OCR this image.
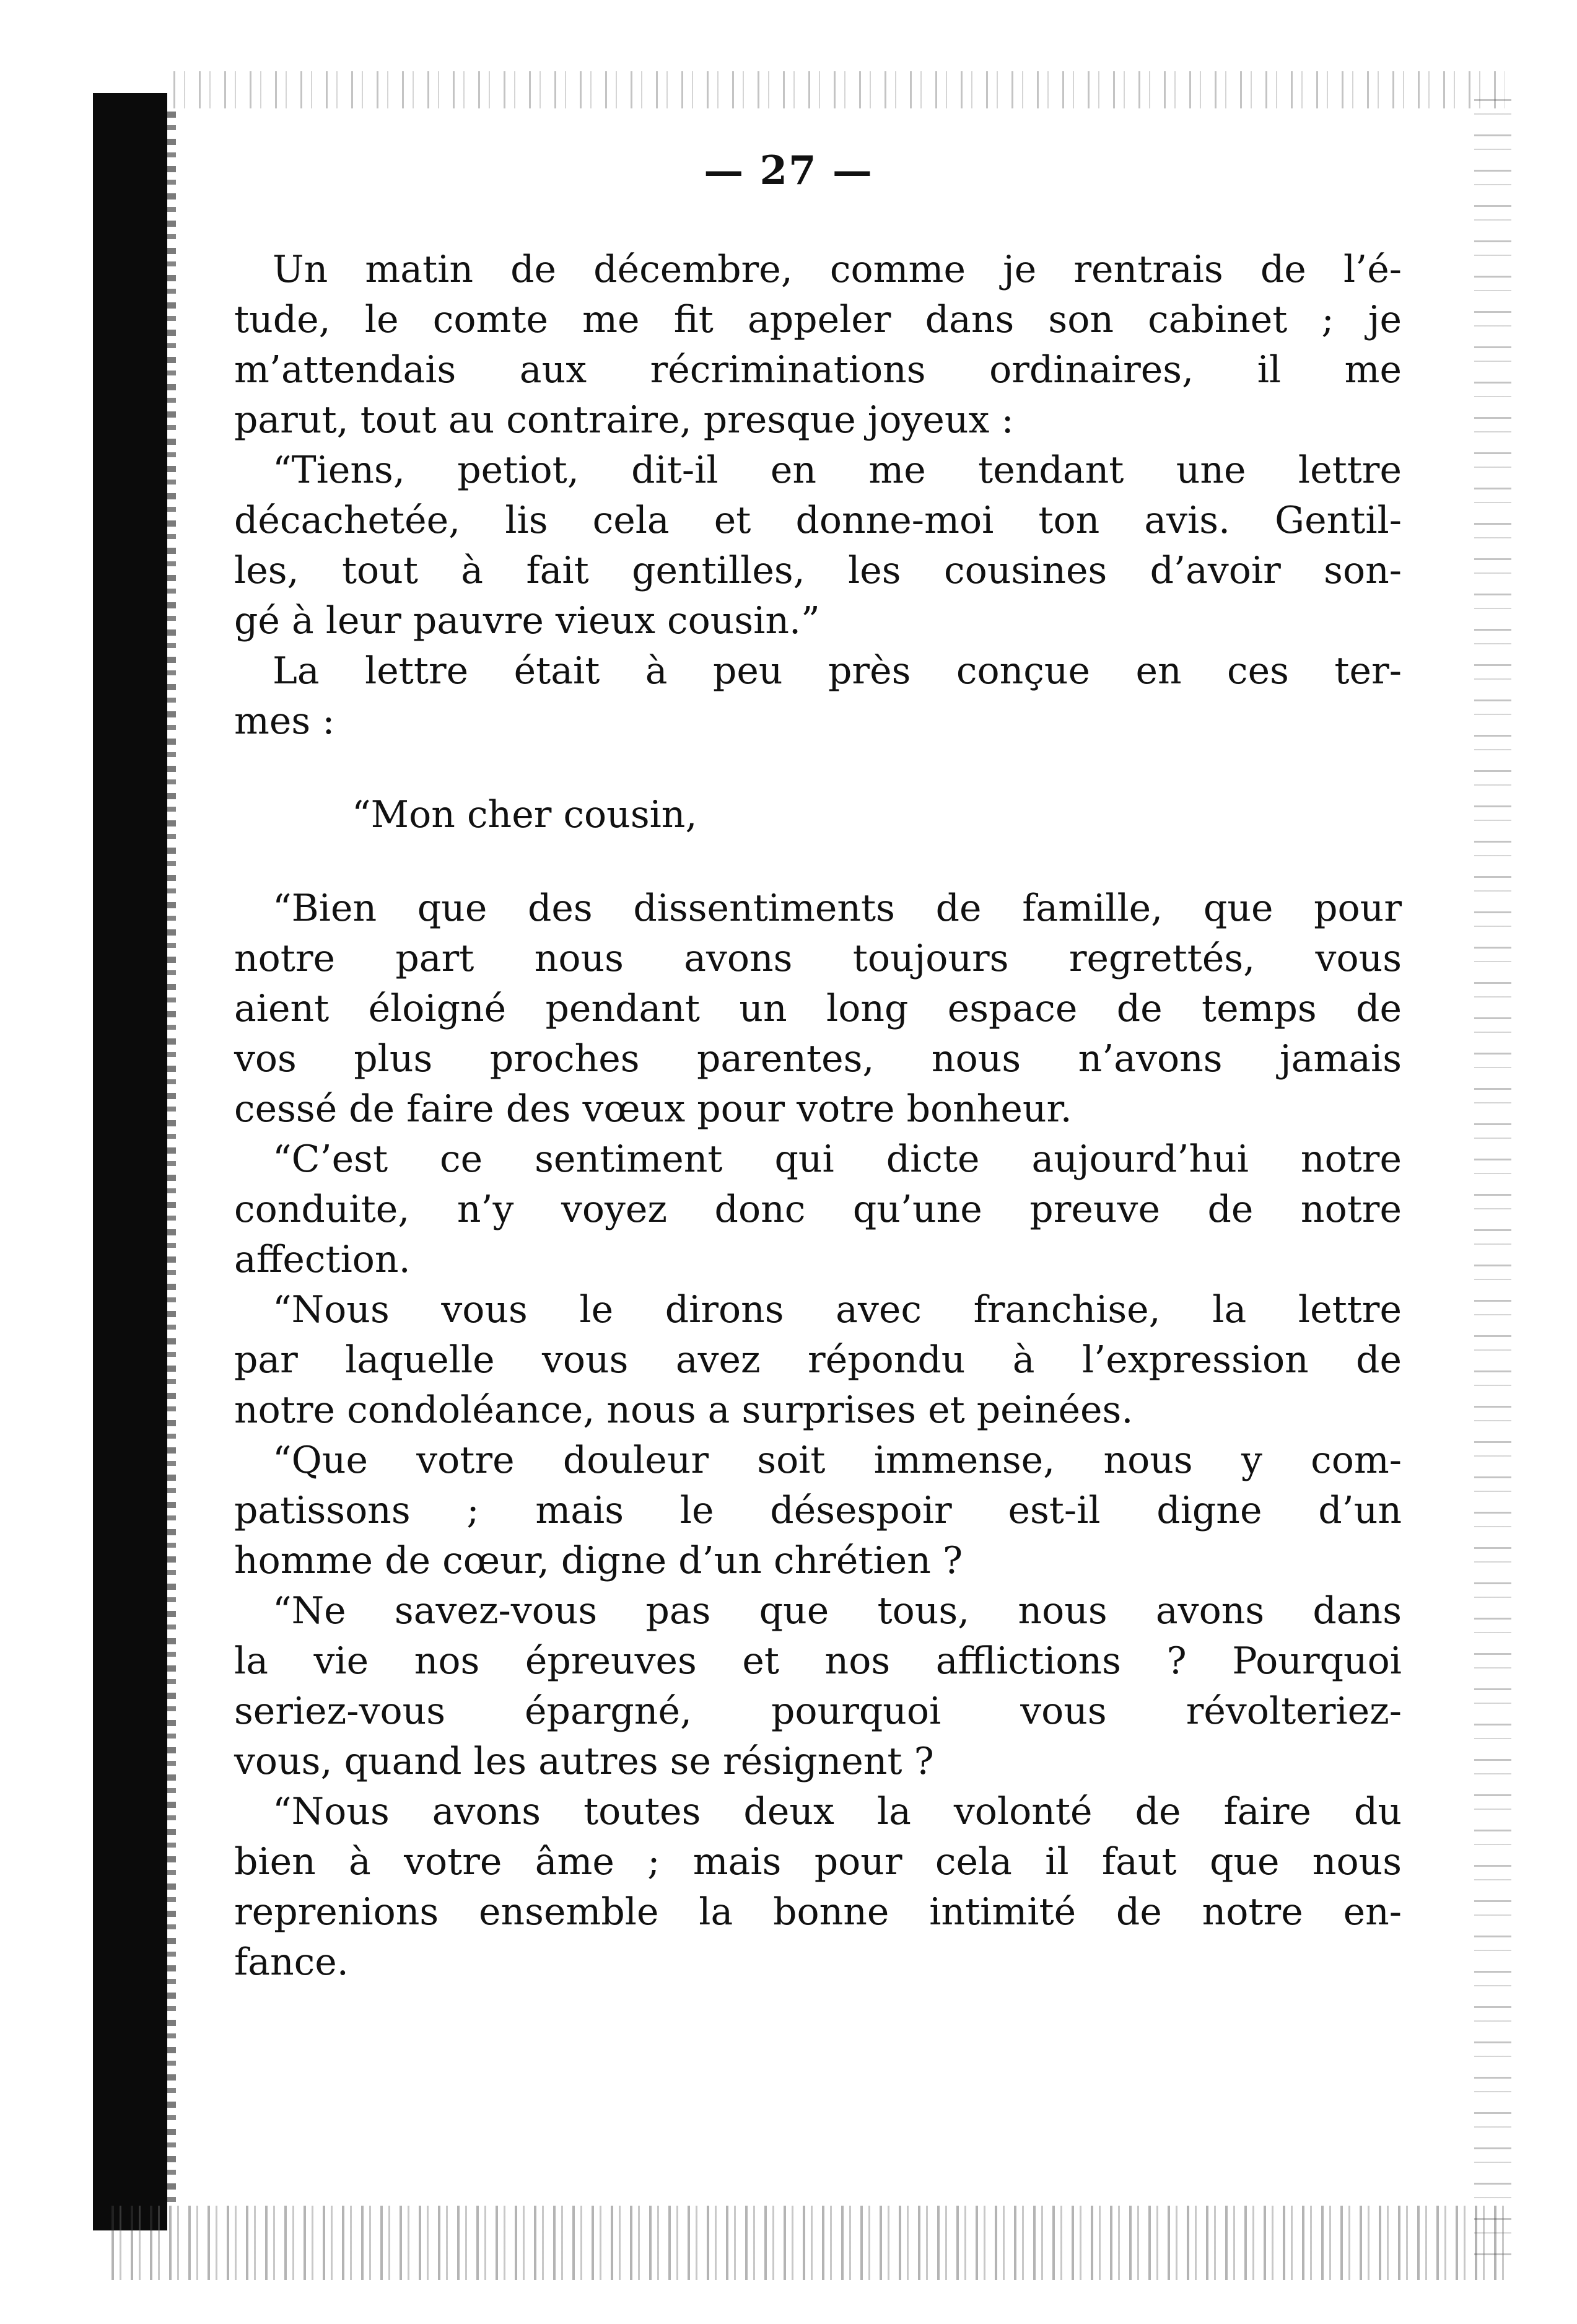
— 27 —
Un matin de décembre, comme je rentrais de l’é-
tude, le comte me fit appeler dans son cabinet ; je
m’attendais aux récriminations ordinaires, il me
parut, tout au contraire, presque joyeux :
“Tiens, petiot, dit-il en me tendant une lettre
décachetée, lis cela et donne-moi ton avis. Gentil-
les, tout à fait gentilles, les cousines d’avoir son-
gé à leur pauvre vieux cousin.”
La lettre était à peu près conçue en ces ter-
mes :
“Mon cher cousin,
“Bien que des dissentiments de famille, que pour
notre part nous avons toujours regrettés, vous
aient éloigné pendant un long espace de temps de
vos plus proches parentes, nous n’avons jamais
cessé de faire des vœux pour votre bonheur.
“C’est ce sentiment qui dicte aujourd’hui notre
conduite, n’y voyez donc qu’une preuve de notre
affection.
“Nous vous le dirons avec franchise, la lettre
par laquelle vous avez répondu à l’expression de
notre condoléance, nous a surprises et peinées.
“Que votre douleur soit immense, nous y com-
patissons ; mais le désespoir est-il digne d’un
homme de cœur, digne d’un chrétien ?
“Ne savez-vous pas que tous, nous avons dans
la vie nos épreuves et nos afflictions ? Pourquoi
seriez-vous épargné, pourquoi vous révolteriez-
vous, quand les autres se résignent ?
“Nous avons toutes deux la volonté de faire du
bien à votre âme ; mais pour cela il faut que nous
reprenions ensemble la bonne intimité de notre en-
fance.
